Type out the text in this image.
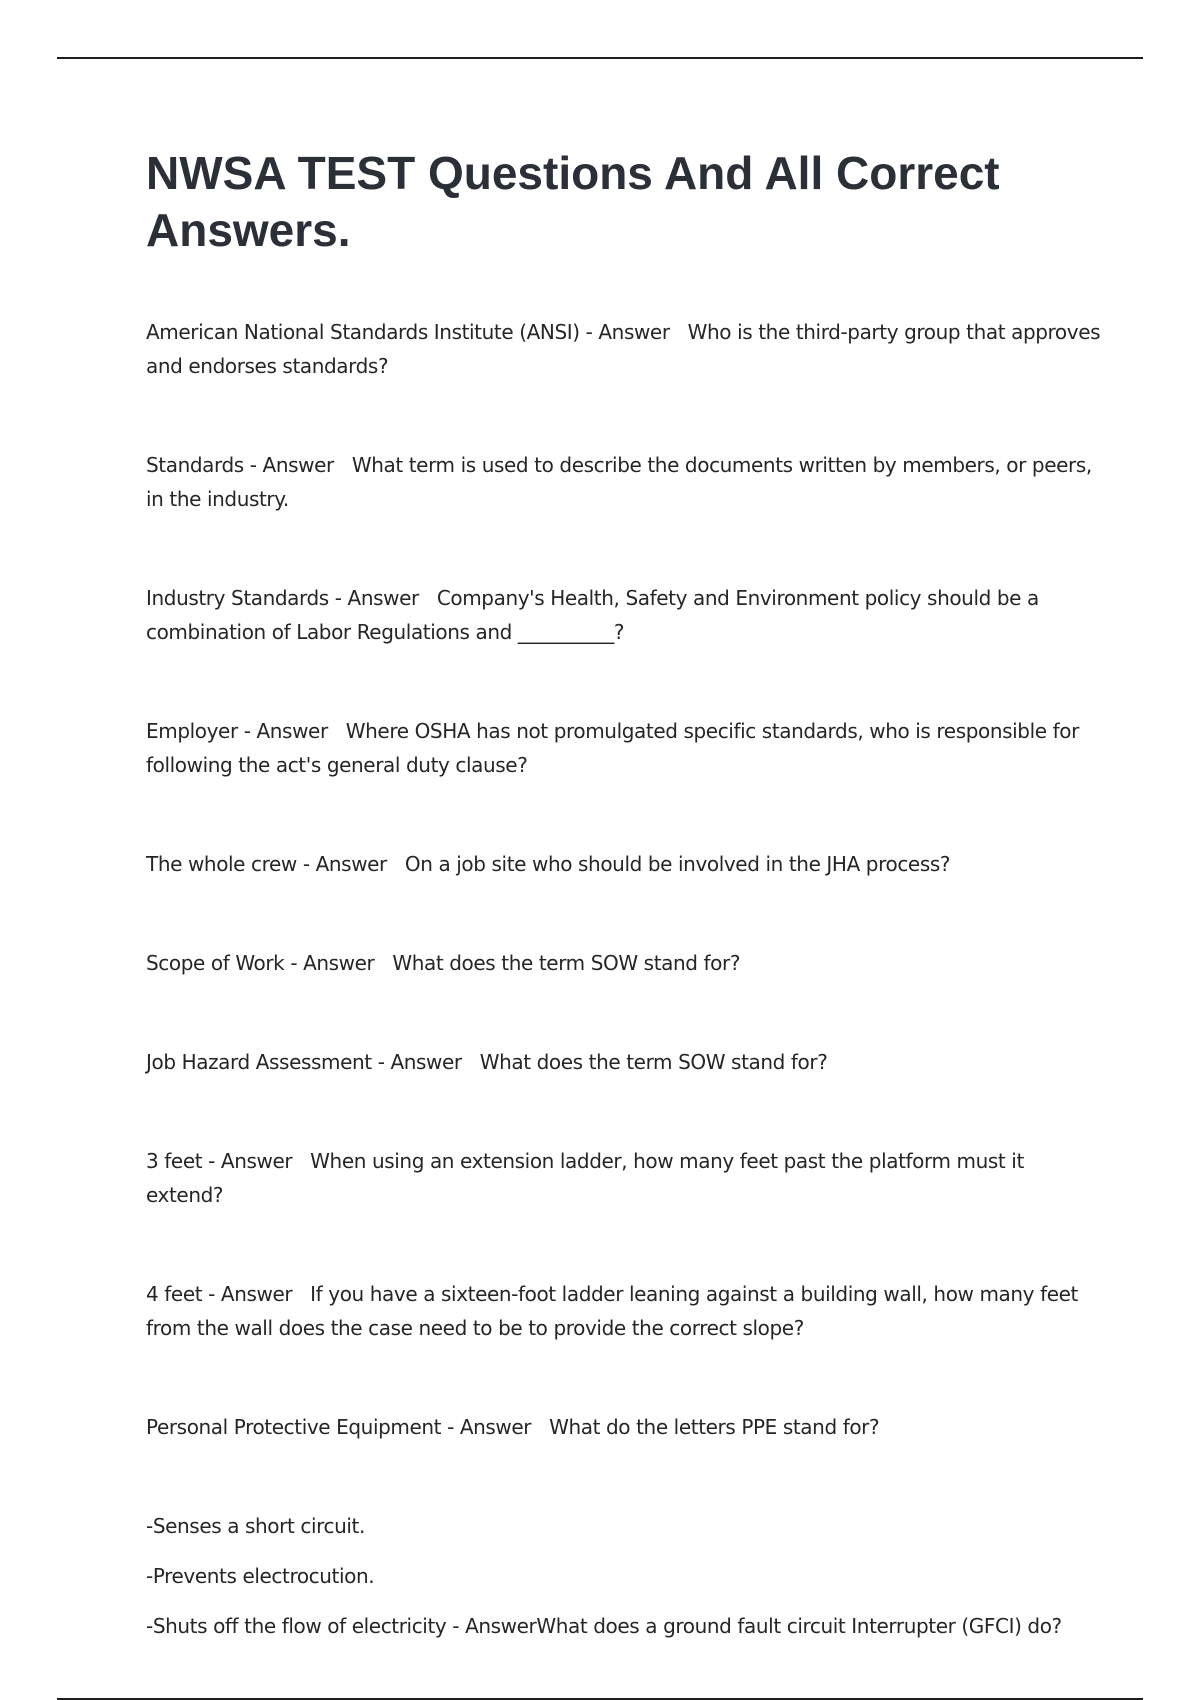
NWSA TEST Questions And All Correct Answers.

American National Standards Institute (ANSI) - Answer Who is the third-party group that approves and endorses standards?

Standards - Answer What term is used to describe the documents written by members, or peers, in the industry.

Industry Standards - Answer Company's Health, Safety and Environment policy should be a combination of Labor Regulations and __________?

Employer - Answer Where OSHA has not promulgated specific standards, who is responsible for following the act's general duty clause?

The whole crew - Answer On a job site who should be involved in the JHA process?

Scope of Work - Answer What does the term SOW stand for?

Job Hazard Assessment - Answer What does the term SOW stand for?

3 feet - Answer When using an extension ladder, how many feet past the platform must it extend?

4 feet - Answer If you have a sixteen-foot ladder leaning against a building wall, how many feet from the wall does the case need to be to provide the correct slope?

Personal Protective Equipment - Answer What do the letters PPE stand for?

-Senses a short circuit.

-Prevents electrocution.

-Shuts off the flow of electricity - AnswerWhat does a ground fault circuit Interrupter (GFCI) do?
